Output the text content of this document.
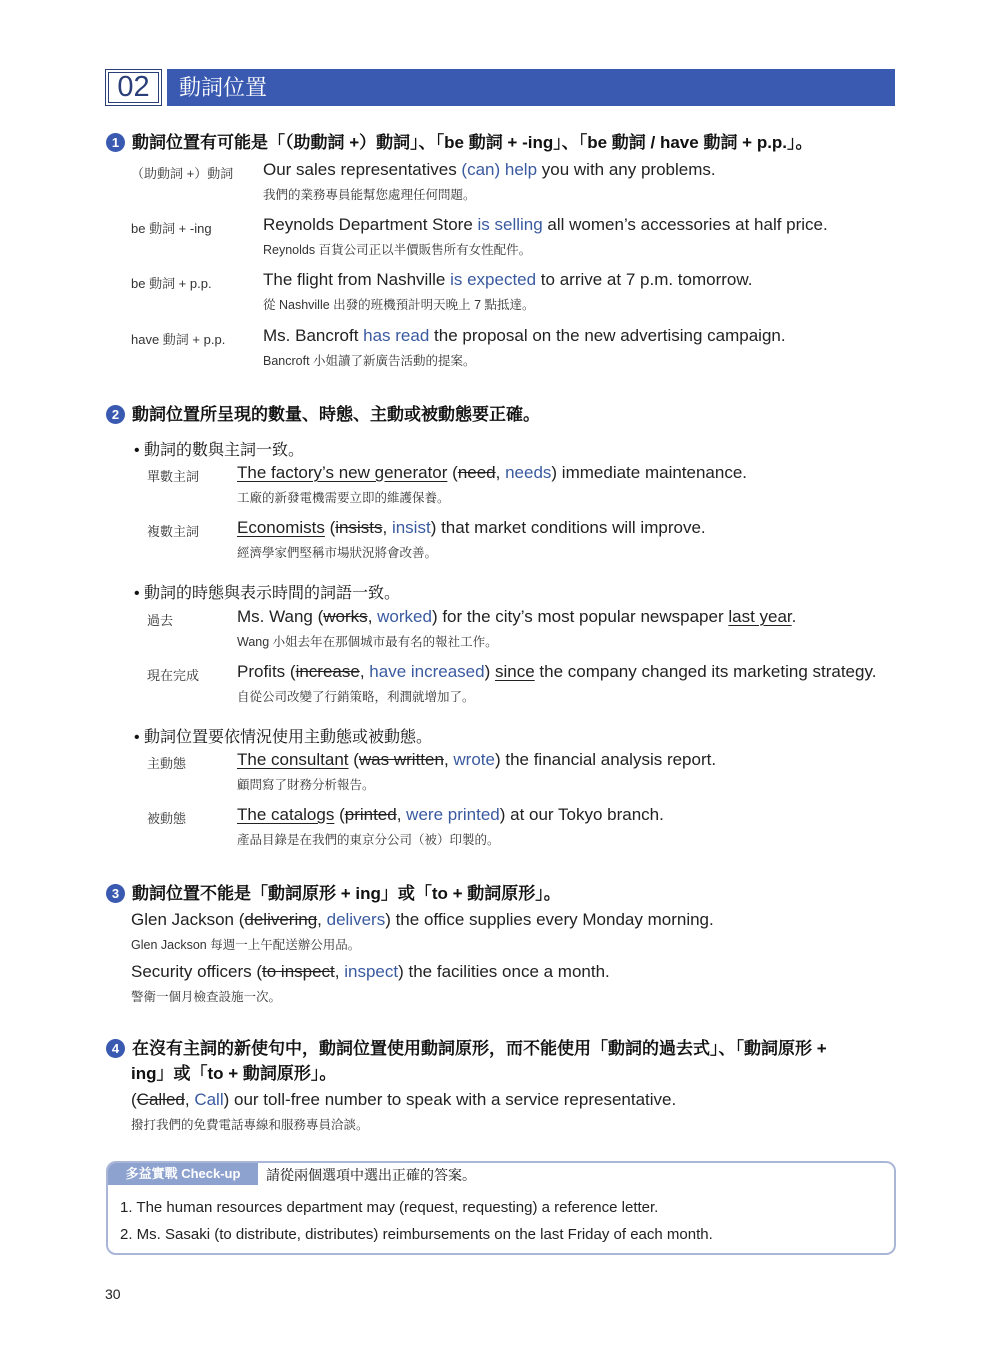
02	動詞位置
1 動詞位置有可能是「（助動詞 +）動詞」、「be 動詞 + -ing」、「be 動詞 / have 動詞 + p.p.」。
（助動詞 +）動詞 Our sales representatives (can) help you with any problems.
我們的業務專員能幫您處理任何問題。
be 動詞 + -ing	Reynolds Department Store is selling all women’s accessories at half price.
Reynolds 百貨公司正以半價販售所有女性配件。
be 動詞 + p.p.	The flight from Nashville is expected to arrive at 7 p.m. tomorrow.
從 Nashville 出發的班機預計明天晚上 7 點抵達。
have 動詞 + p.p. Ms. Bancroft has read the proposal on the new advertising campaign.
Bancroft 小姐讀了新廣告活動的提案。
2 動詞位置所呈現的數量、時態、主動或被動態要正確。
• 動詞的數與主詞一致。
單數主詞 The factory’s new generator (need, needs) immediate maintenance.
工廠的新發電機需要立即的維護保養。
複數主詞 Economists (insists, insist) that market conditions will improve.
經濟學家們堅稱市場狀況將會改善。
• 動詞的時態與表示時間的詞語一致。
過去	Ms. Wang (works, worked) for the city’s most popular newspaper last year.
Wang 小姐去年在那個城市最有名的報社工作。
現在完成 Profits (increase, have increased) since the company changed its marketing strategy.
自從公司改變了行銷策略，利潤就增加了。
• 動詞位置要依情況使用主動態或被動態。
主動態	The consultant (was written, wrote) the financial analysis report.
顧問寫了財務分析報告。
被動態	The catalogs (printed, were printed) at our Tokyo branch.
產品目錄是在我們的東京分公司（被）印製的。
3 動詞位置不能是「動詞原形 + ing」或「to + 動詞原形」。
Glen Jackson (delivering, delivers) the office supplies every Monday morning.
Glen Jackson 每週一上午配送辦公用品。
Security officers (to inspect, inspect) the facilities once a month.
警衛一個月檢查設施一次。
4 在沒有主詞的新使句中，動詞位置使用動詞原形，而不能使用「動詞的過去式」、「動詞原形 +
ing」或「to + 動詞原形」。
(Called, Call) our toll-free number to speak with a service representative.
撥打我們的免費電話專線和服務專員洽談。
多益實戰 Check-up	請從兩個選項中選出正確的答案。
1. The human resources department may (request, requesting) a reference letter.
2. Ms. Sasaki (to distribute, distributes) reimbursements on the last Friday of each month.
30
